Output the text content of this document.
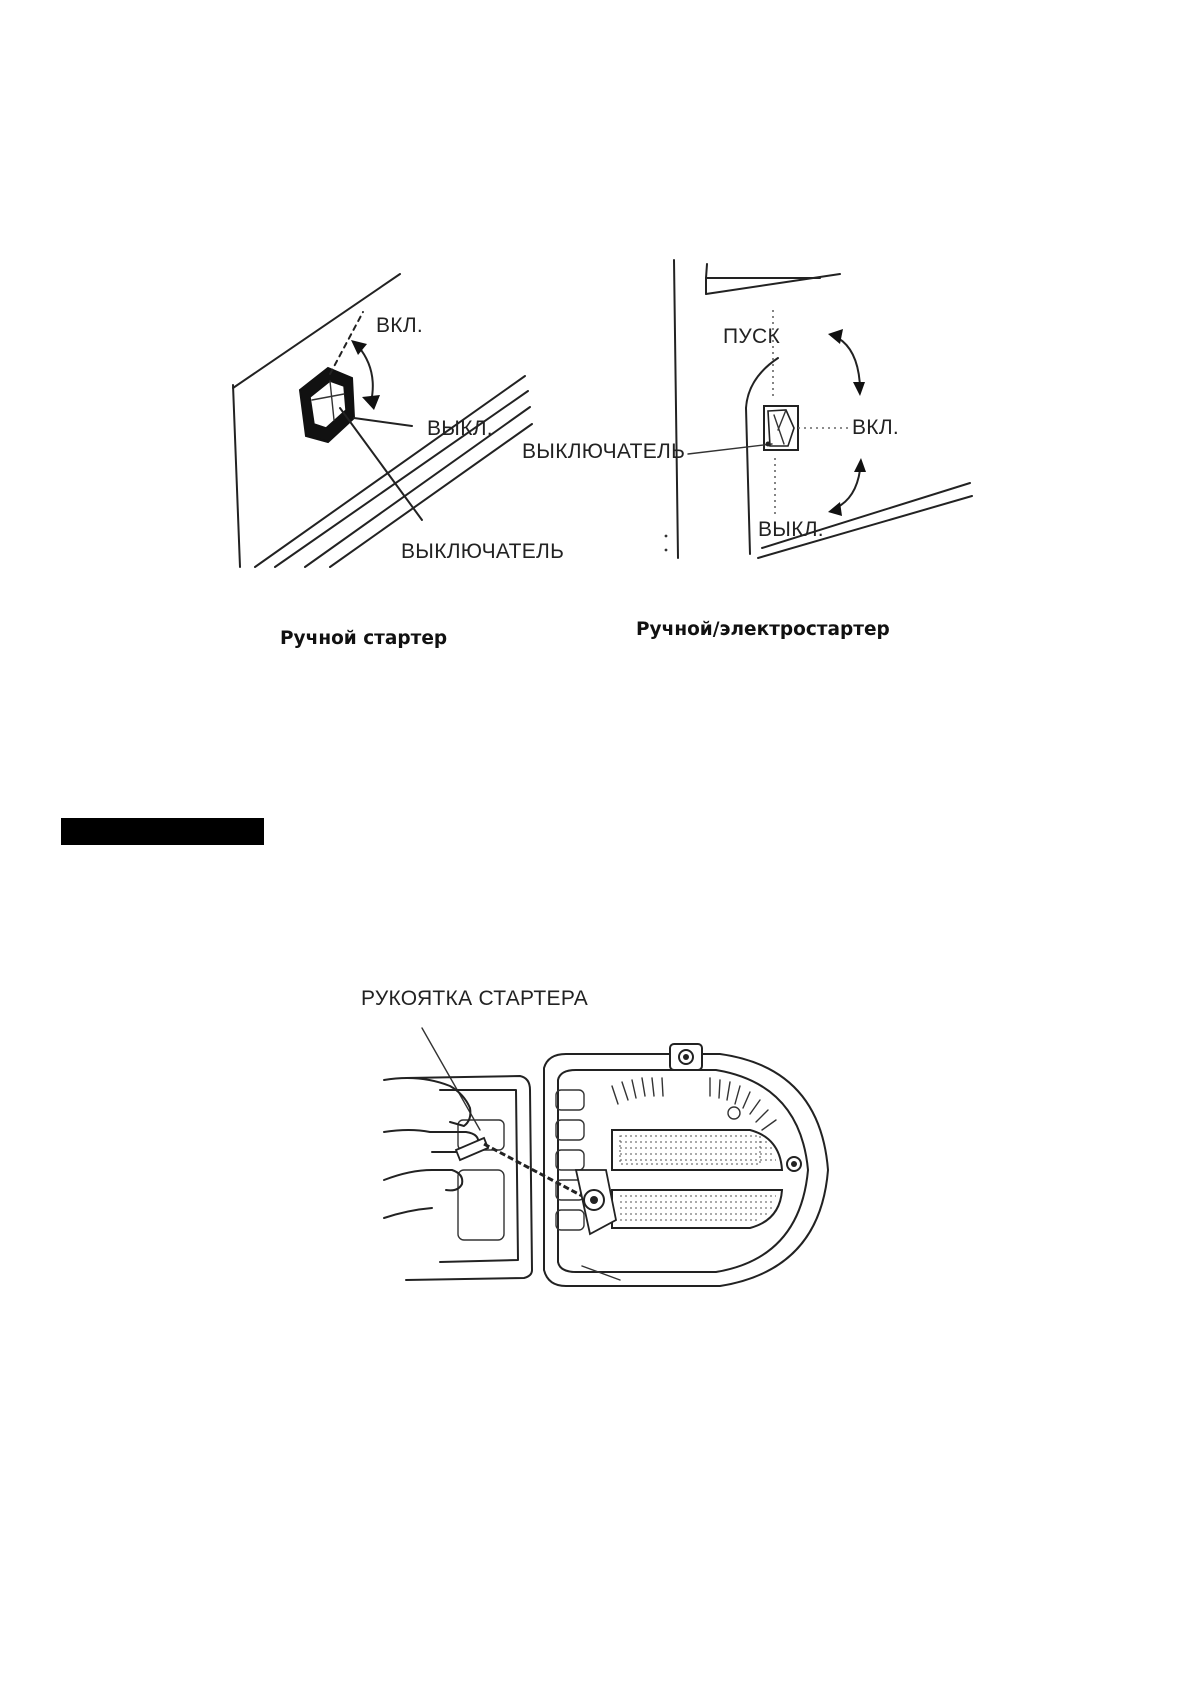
ВКЛ.
ВЫКЛ.
ВЫКЛЮЧАТЕЛЬ
Ручной стартер
ПУСК
ВЫКЛЮЧАТЕЛЬ
ВКЛ.
ВЫКЛ.
Ручной/электростартер
РУКОЯТКА СТАРТЕРА
